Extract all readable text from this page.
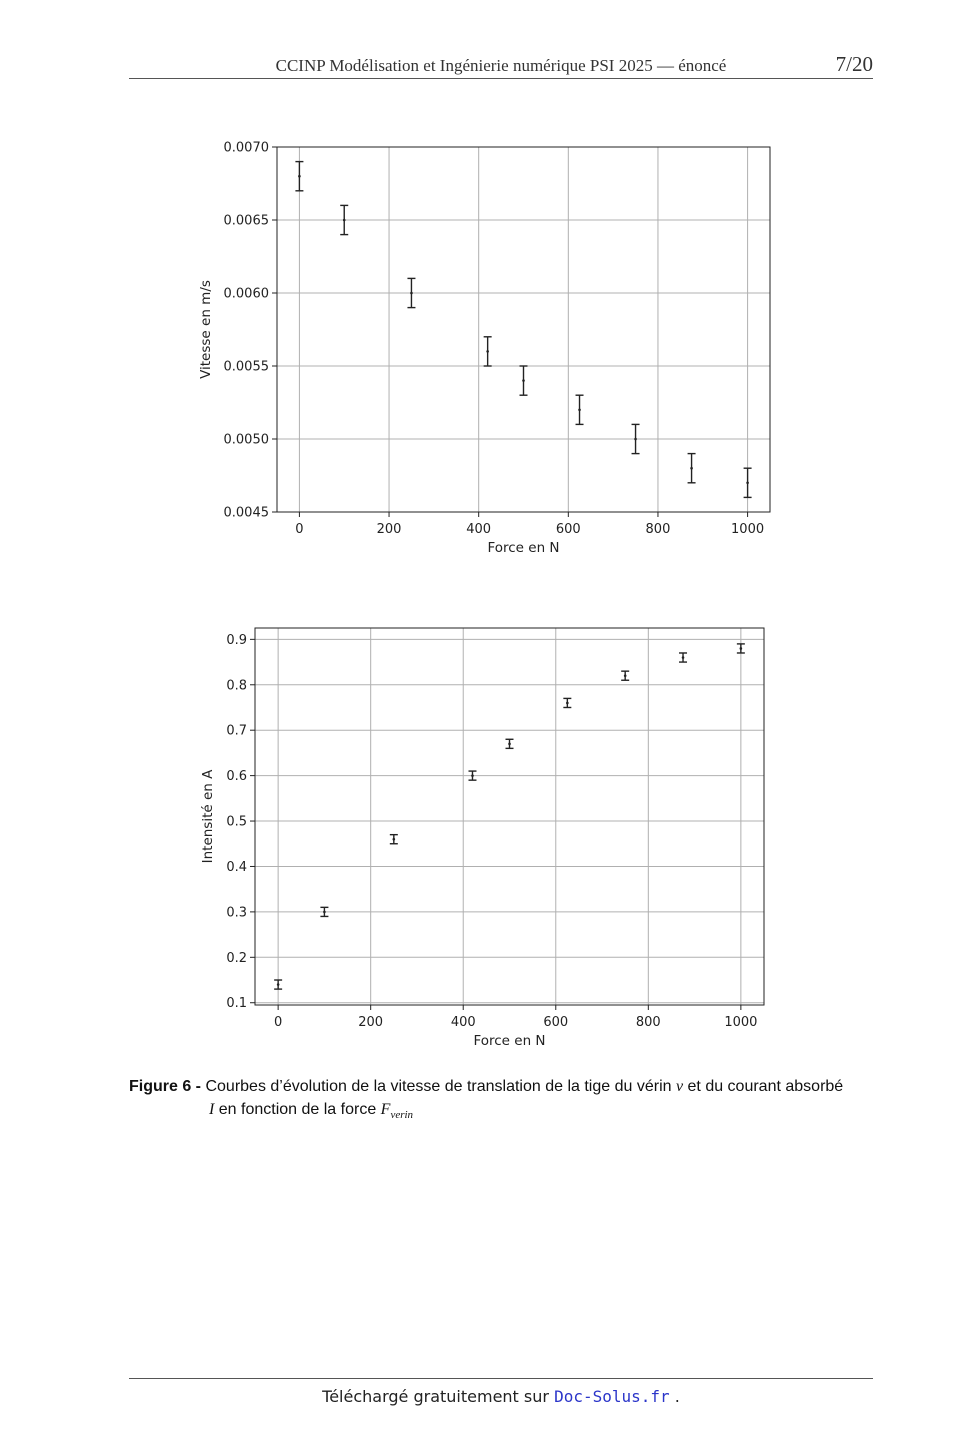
CCINP Modélisation et Ingénierie numérique PSI 2025 — énoncé	7/20
0	200	400	600	800	1000
0.0045
0.0050
0.0055
0.0060
0.0065
0.0070
Force en N
Vitesse en m/s
0	200	400	600	800	1000
0.1
0.2
0.3
0.4
0.5
0.6
0.7
0.8
0.9
Force en N
Intensité en A
Figure 6 - Courbes d’évolution de la vitesse de translation de la tige du vérin v et du courant absorbé
I en fonction de la force $F_{verin}$
Téléchargé gratuitement sur Doc-Solus.fr .
